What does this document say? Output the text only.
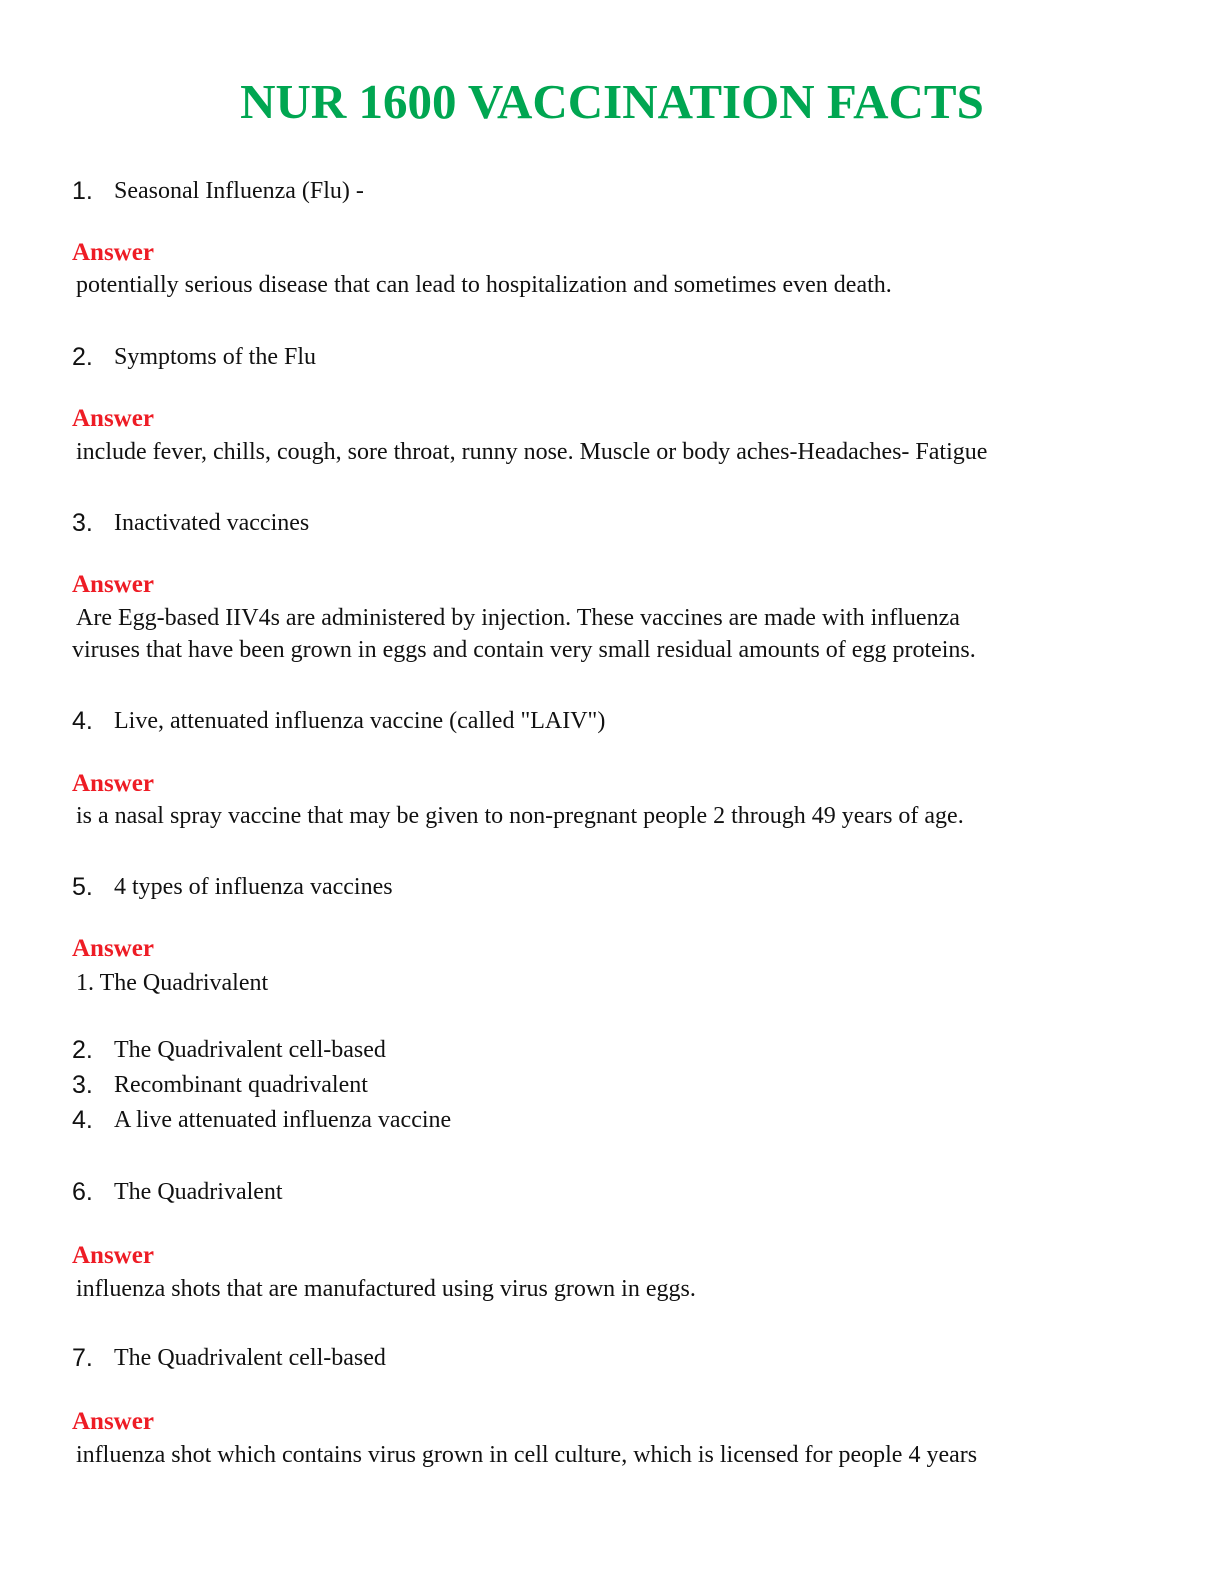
NUR 1600 VACCINATION FACTS
1. Seasonal Influenza (Flu) -
Answer
potentially serious disease that can lead to hospitalization and sometimes even death.
2. Symptoms of the Flu
Answer
include fever, chills, cough, sore throat, runny nose. Muscle or body aches-Headaches- Fatigue
3. Inactivated vaccines
Answer
Are Egg-based IIV4s are administered by injection. These vaccines are made with influenza
viruses that have been grown in eggs and contain very small residual amounts of egg proteins.
4. Live, attenuated influenza vaccine (called "LAIV")
Answer
is a nasal spray vaccine that may be given to non-pregnant people 2 through 49 years of age.
5. 4 types of influenza vaccines
Answer
1. The Quadrivalent
2. The Quadrivalent cell-based
3. Recombinant quadrivalent
4. A live attenuated influenza vaccine
6. The Quadrivalent
Answer
influenza shots that are manufactured using virus grown in eggs.
7. The Quadrivalent cell-based
Answer
influenza shot which contains virus grown in cell culture, which is licensed for people 4 years
